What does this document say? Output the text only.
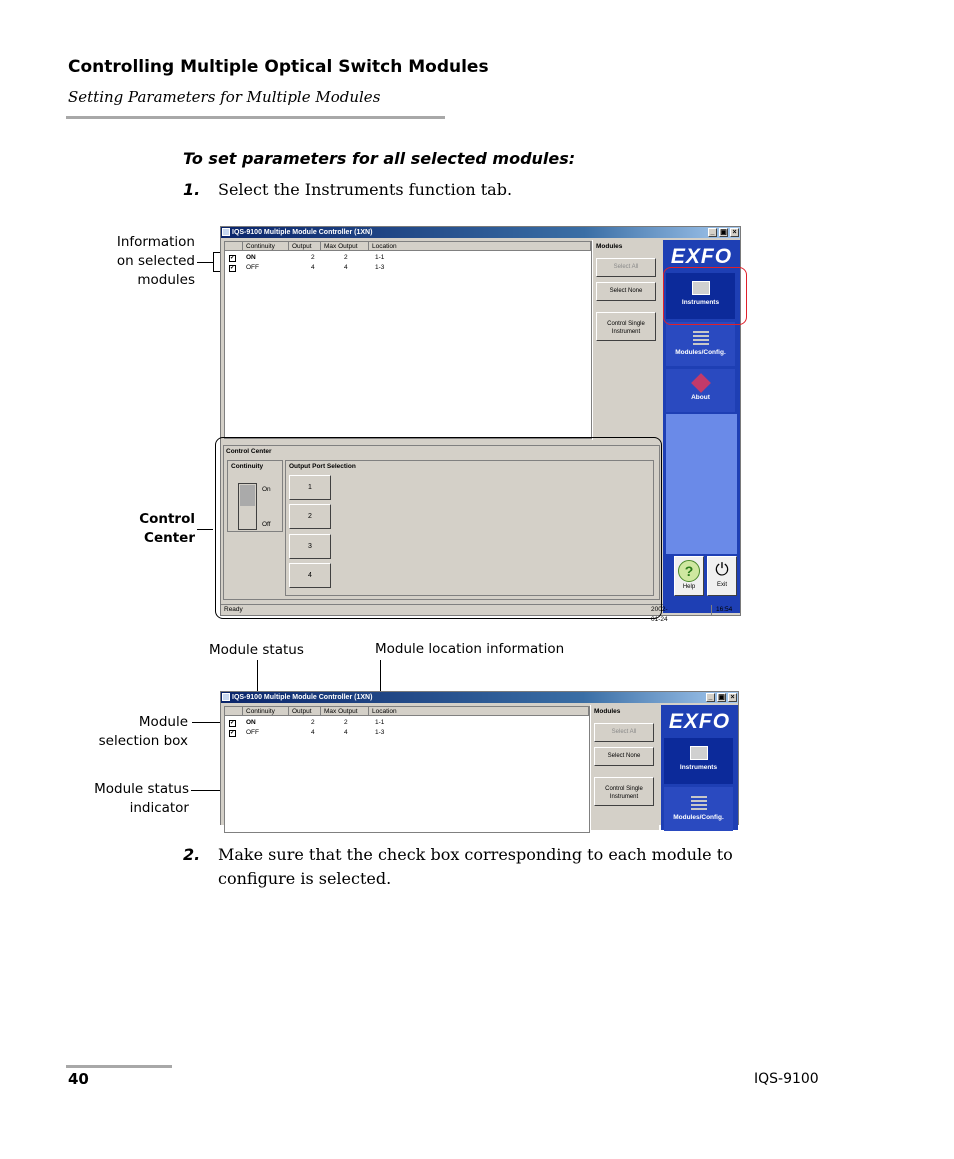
Controlling Multiple Optical Switch Modules
Setting Parameters for Multiple Modules
To set parameters for all selected modules:
1. Select the Instruments function tab.
Information
on selected
modules
Control
Center
IQS-9100 Multiple Module Controller (1XN)	_ ▣ ×
Continuity	Output	Max Output	Location
✓ ON	2	2	1-1
✓ OFF	4	4	1-3
Modules
Select All
Select None
Control Single
Instrument
EXFO
Instruments
Modules/Config.
About
?
Help
⏻
Exit
Control Center
Continuity
On
Off
Output Port Selection
1
2
3
4
Ready	2002-01-24
16:54
Module status	Module location information
Module
selection box
Module status
indicator
IQS-9100 Multiple Module Controller (1XN)	_ ▣ ×
Continuity	Output	Max Output	Location
✓ ON	2	2	1-1
✓ OFF	4	4	1-3
Modules
Select All
Select None
Control Single
Instrument
EXFO
Instruments
Modules/Config.
2. Make sure that the check box corresponding to each module to
configure is selected.
40	IQS-9100
